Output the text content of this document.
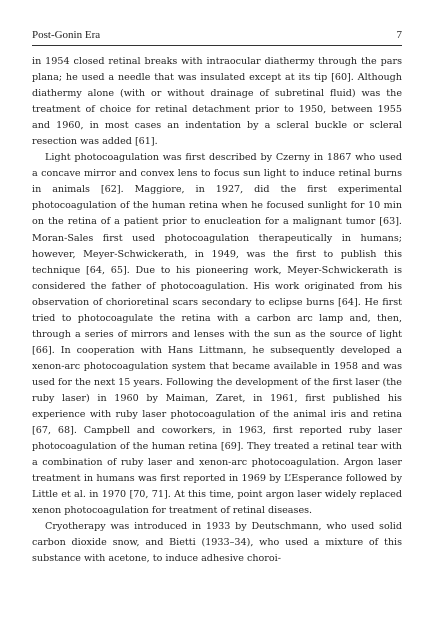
Post-Gonin Era	7

in 1954 closed retinal breaks with intraocular diathermy through the pars plana; he used a needle that was insulated except at its tip [60]. Although diathermy alone (with or without drainage of subretinal fluid) was the treatment of choice for retinal detachment prior to 1950, between 1955 and 1960, in most cases an indentation by a scleral buckle or scleral resection was added [61].

Light photocoagulation was first described by Czerny in 1867 who used a concave mirror and convex lens to focus sun light to induce retinal burns in animals [62]. Maggiore, in 1927, did the first experimental photocoagulation of the human retina when he focused sunlight for 10 min on the retina of a patient prior to enucleation for a malignant tumor [63]. Moran-Sales first used photocoagulation therapeutically in humans; however, Meyer-Schwickerath, in 1949, was the first to publish this technique [64, 65]. Due to his pioneering work, Meyer-Schwickerath is considered the father of photocoagulation. His work originated from his observation of chorioretinal scars secondary to eclipse burns [64]. He first tried to photocoagulate the retina with a carbon arc lamp and, then, through a series of mirrors and lenses with the sun as the source of light [66]. In cooperation with Hans Littmann, he subsequently developed a xenon-arc photocoagulation system that became available in 1958 and was used for the next 15 years. Following the development of the first laser (the ruby laser) in 1960 by Maiman, Zaret, in 1961, first published his experience with ruby laser photocoagulation of the animal iris and retina [67, 68]. Campbell and coworkers, in 1963, first reported ruby laser photocoagulation of the human retina [69]. They treated a retinal tear with a combination of ruby laser and xenon-arc photocoagulation. Argon laser treatment in humans was first reported in 1969 by L’Esperance followed by Little et al. in 1970 [70, 71]. At this time, point argon laser widely replaced xenon photocoagulation for treatment of retinal diseases.

Cryotherapy was introduced in 1933 by Deutschmann, who used solid carbon dioxide snow, and Bietti (1933–34), who used a mixture of this substance with acetone, to induce adhesive choroi-
